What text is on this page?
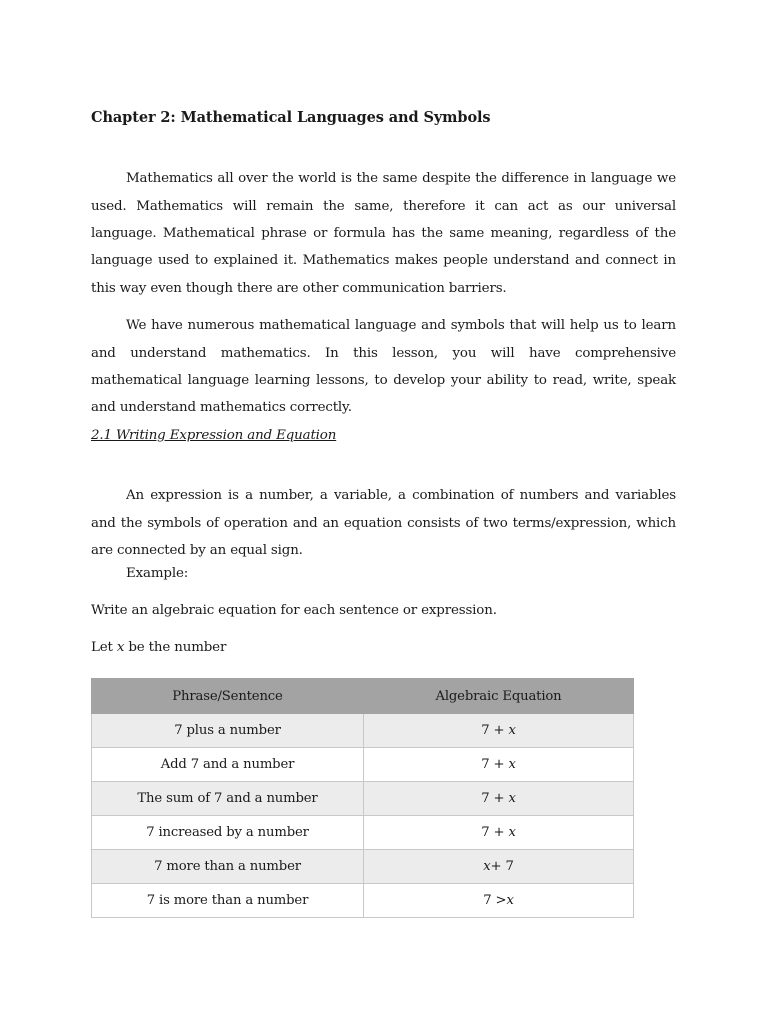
Chapter 2: Mathematical Languages and Symbols

Mathematics all over the world is the same despite the difference in language we used. Mathematics will remain the same, therefore it can act as our universal language. Mathematical phrase or formula has the same meaning, regardless of the language used to explained it. Mathematics makes people understand and connect in this way even though there are other communication barriers.

We have numerous mathematical language and symbols that will help us to learn and understand mathematics. In this lesson, you will have comprehensive mathematical language learning lessons, to develop your ability to read, write, speak and understand mathematics correctly.

2.1 Writing Expression and Equation

An expression is a number, a variable, a combination of numbers and variables and the symbols of operation and an equation consists of two terms/expression, which are connected by an equal sign.

Example:
Write an algebraic equation for each sentence or expression.
Let x be the number
Phrase/Sentence	Algebraic Equation
7 plus a number	7 + x
Add 7 and a number	7 + x
The sum of 7 and a number	7 + x
7 increased by a number	7 + x
7 more than a number	x+ 7
7 is more than a number	7 >x
